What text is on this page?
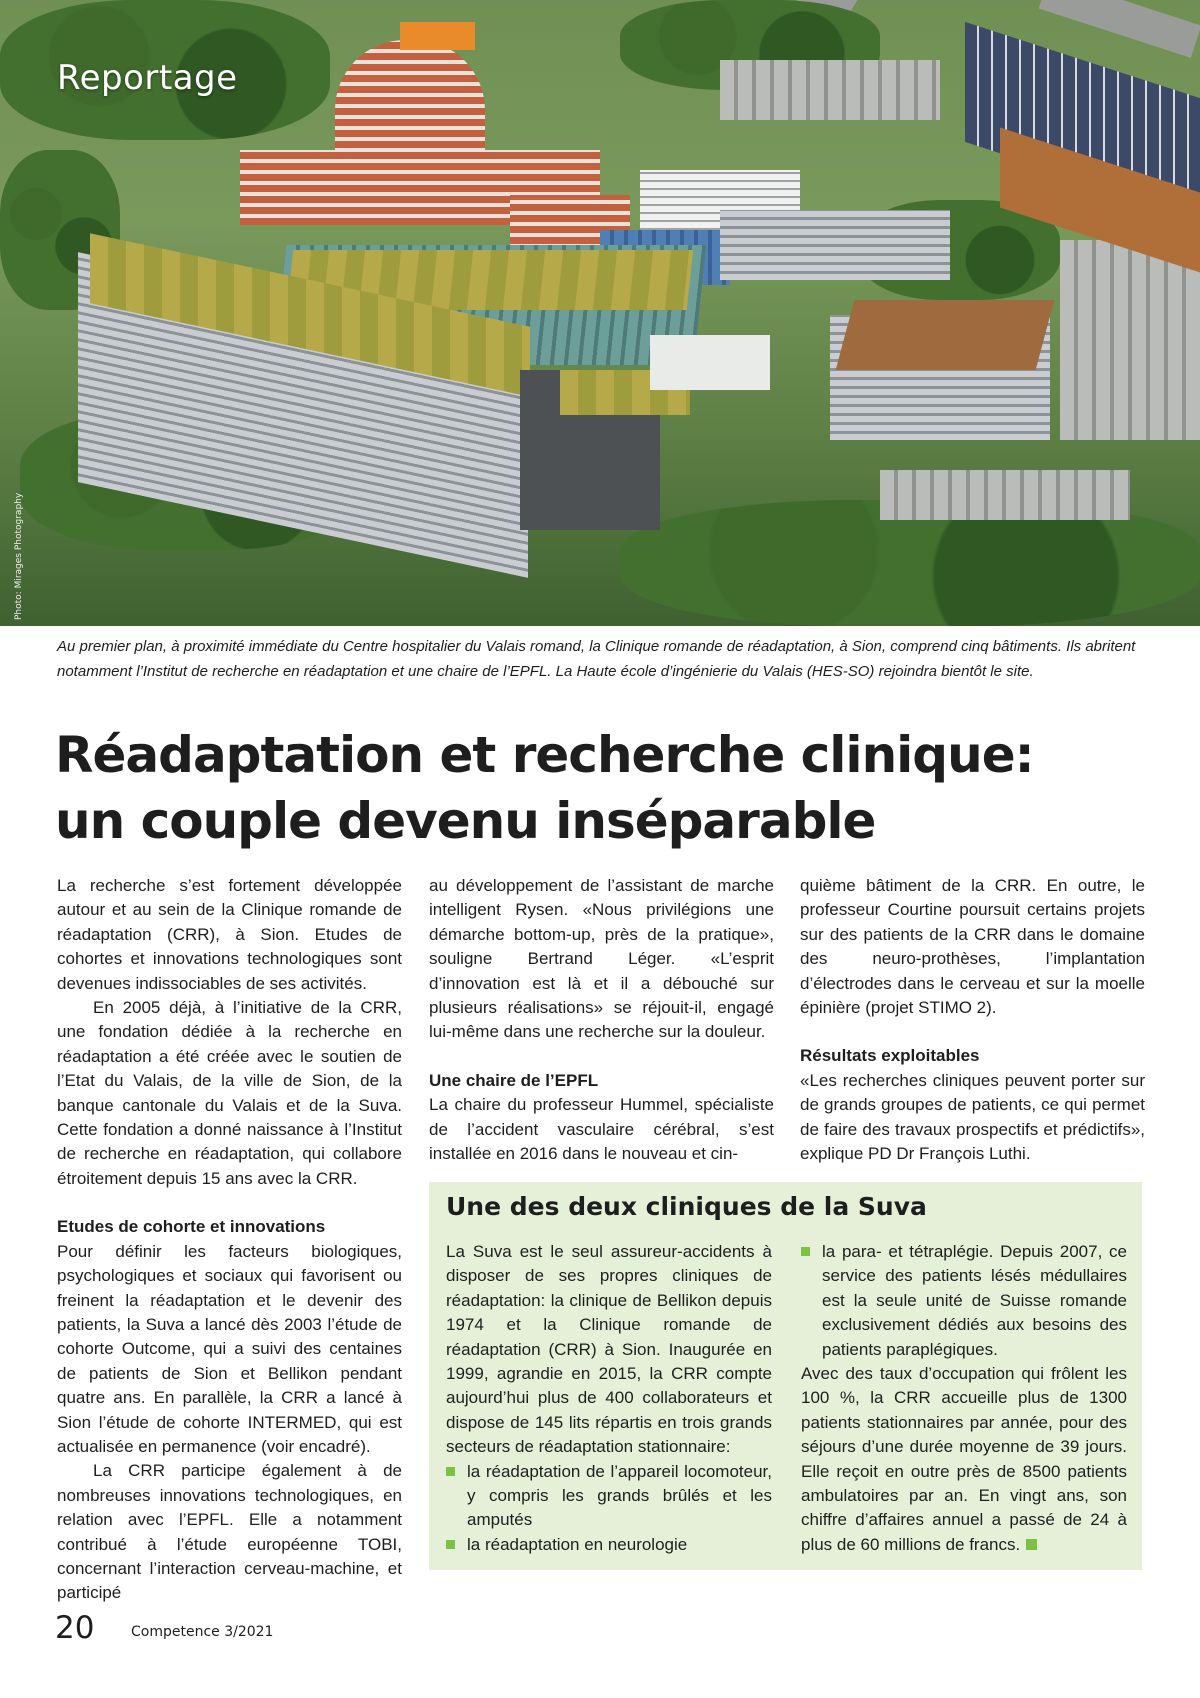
Reportage
Photo: Mirages Photography
Au premier plan, à proximité immédiate du Centre hospitalier du Valais romand, la Clinique romande de réadaptation, à Sion, comprend cinq bâtiments. Ils abritent notamment l’Institut de recherche en réadaptation et une chaire de l’EPFL. La Haute école d’ingénierie du Valais (HES-SO) rejoindra bientôt le site.
Réadaptation et recherche clinique:
un couple devenu inséparable

La recherche s’est fortement développée autour et au sein de la Clinique romande de réadaptation (CRR), à Sion. Etudes de cohortes et innovations technologiques sont devenues indissociables de ses activités.

En 2005 déjà, à l’initiative de la CRR, une fondation dédiée à la recherche en réadaptation a été créée avec le soutien de l’Etat du Valais, de la ville de Sion, de la banque cantonale du Valais et de la Suva. Cette fondation a donné naissance à l’Institut de recherche en réadaptation, qui collabore étroitement depuis 15 ans avec la CRR.

Etudes de cohorte et innovations

Pour définir les facteurs biologiques, psychologiques et sociaux qui favorisent ou freinent la réadaptation et le devenir des patients, la Suva a lancé dès 2003 l’étude de cohorte Outcome, qui a suivi des centaines de patients de Sion et Bellikon pendant quatre ans. En parallèle, la CRR a lancé à Sion l’étude de cohorte INTERMED, qui est actualisée en permanence (voir encadré).

La CRR participe également à de nombreuses innovations technologiques, en relation avec l’EPFL. Elle a notamment contribué à l’étude européenne TOBI, concernant l’interaction cerveau-machine, et participé

au développement de l’assistant de marche intelligent Rysen. «Nous privilégions une démarche bottom-up, près de la pratique», souligne Bertrand Léger. «L’esprit d’innovation est là et il a débouché sur plusieurs réalisations» se réjouit-il, engagé lui-même dans une recherche sur la douleur.

Une chaire de l’EPFL

La chaire du professeur Hummel, spécialiste de l’accident vasculaire cérébral, s’est installée en 2016 dans le nouveau et cin-

quième bâtiment de la CRR. En outre, le professeur Courtine poursuit certains projets sur des patients de la CRR dans le domaine des neuro-prothèses, l’implantation d’électrodes dans le cerveau et sur la moelle épinière (projet STIMO 2).

Résultats exploitables

«Les recherches cliniques peuvent porter sur de grands groupes de patients, ce qui permet de faire des travaux prospectifs et prédictifs», explique PD Dr François Luthi.

Une des deux cliniques de la Suva

La Suva est le seul assureur-accidents à disposer de ses propres cliniques de réadaptation: la clinique de Bellikon depuis 1974 et la Clinique romande de réadaptation (CRR) à Sion. Inaugurée en 1999, agrandie en 2015, la CRR compte aujourd’hui plus de 400 collaborateurs et dispose de 145 lits répartis en trois grands secteurs de réadaptation stationnaire:

la réadaptation de l’appareil locomoteur, y compris les grands brûlés et les amputés
la réadaptation en neurologie
la para- et tétraplégie. Depuis 2007, ce service des patients lésés médullaires est la seule unité de Suisse romande exclusivement dédiés aux besoins des patients paraplégiques.

Avec des taux d’occupation qui frôlent les 100 %, la CRR accueille plus de 1300 patients stationnaires par année, pour des séjours d’une durée moyenne de 39 jours. Elle reçoit en outre près de 8500 patients ambulatoires par an. En vingt ans, son chiffre d’affaires annuel a passé de 24 à plus de 60 millions de francs.

20	Competence 3/2021
